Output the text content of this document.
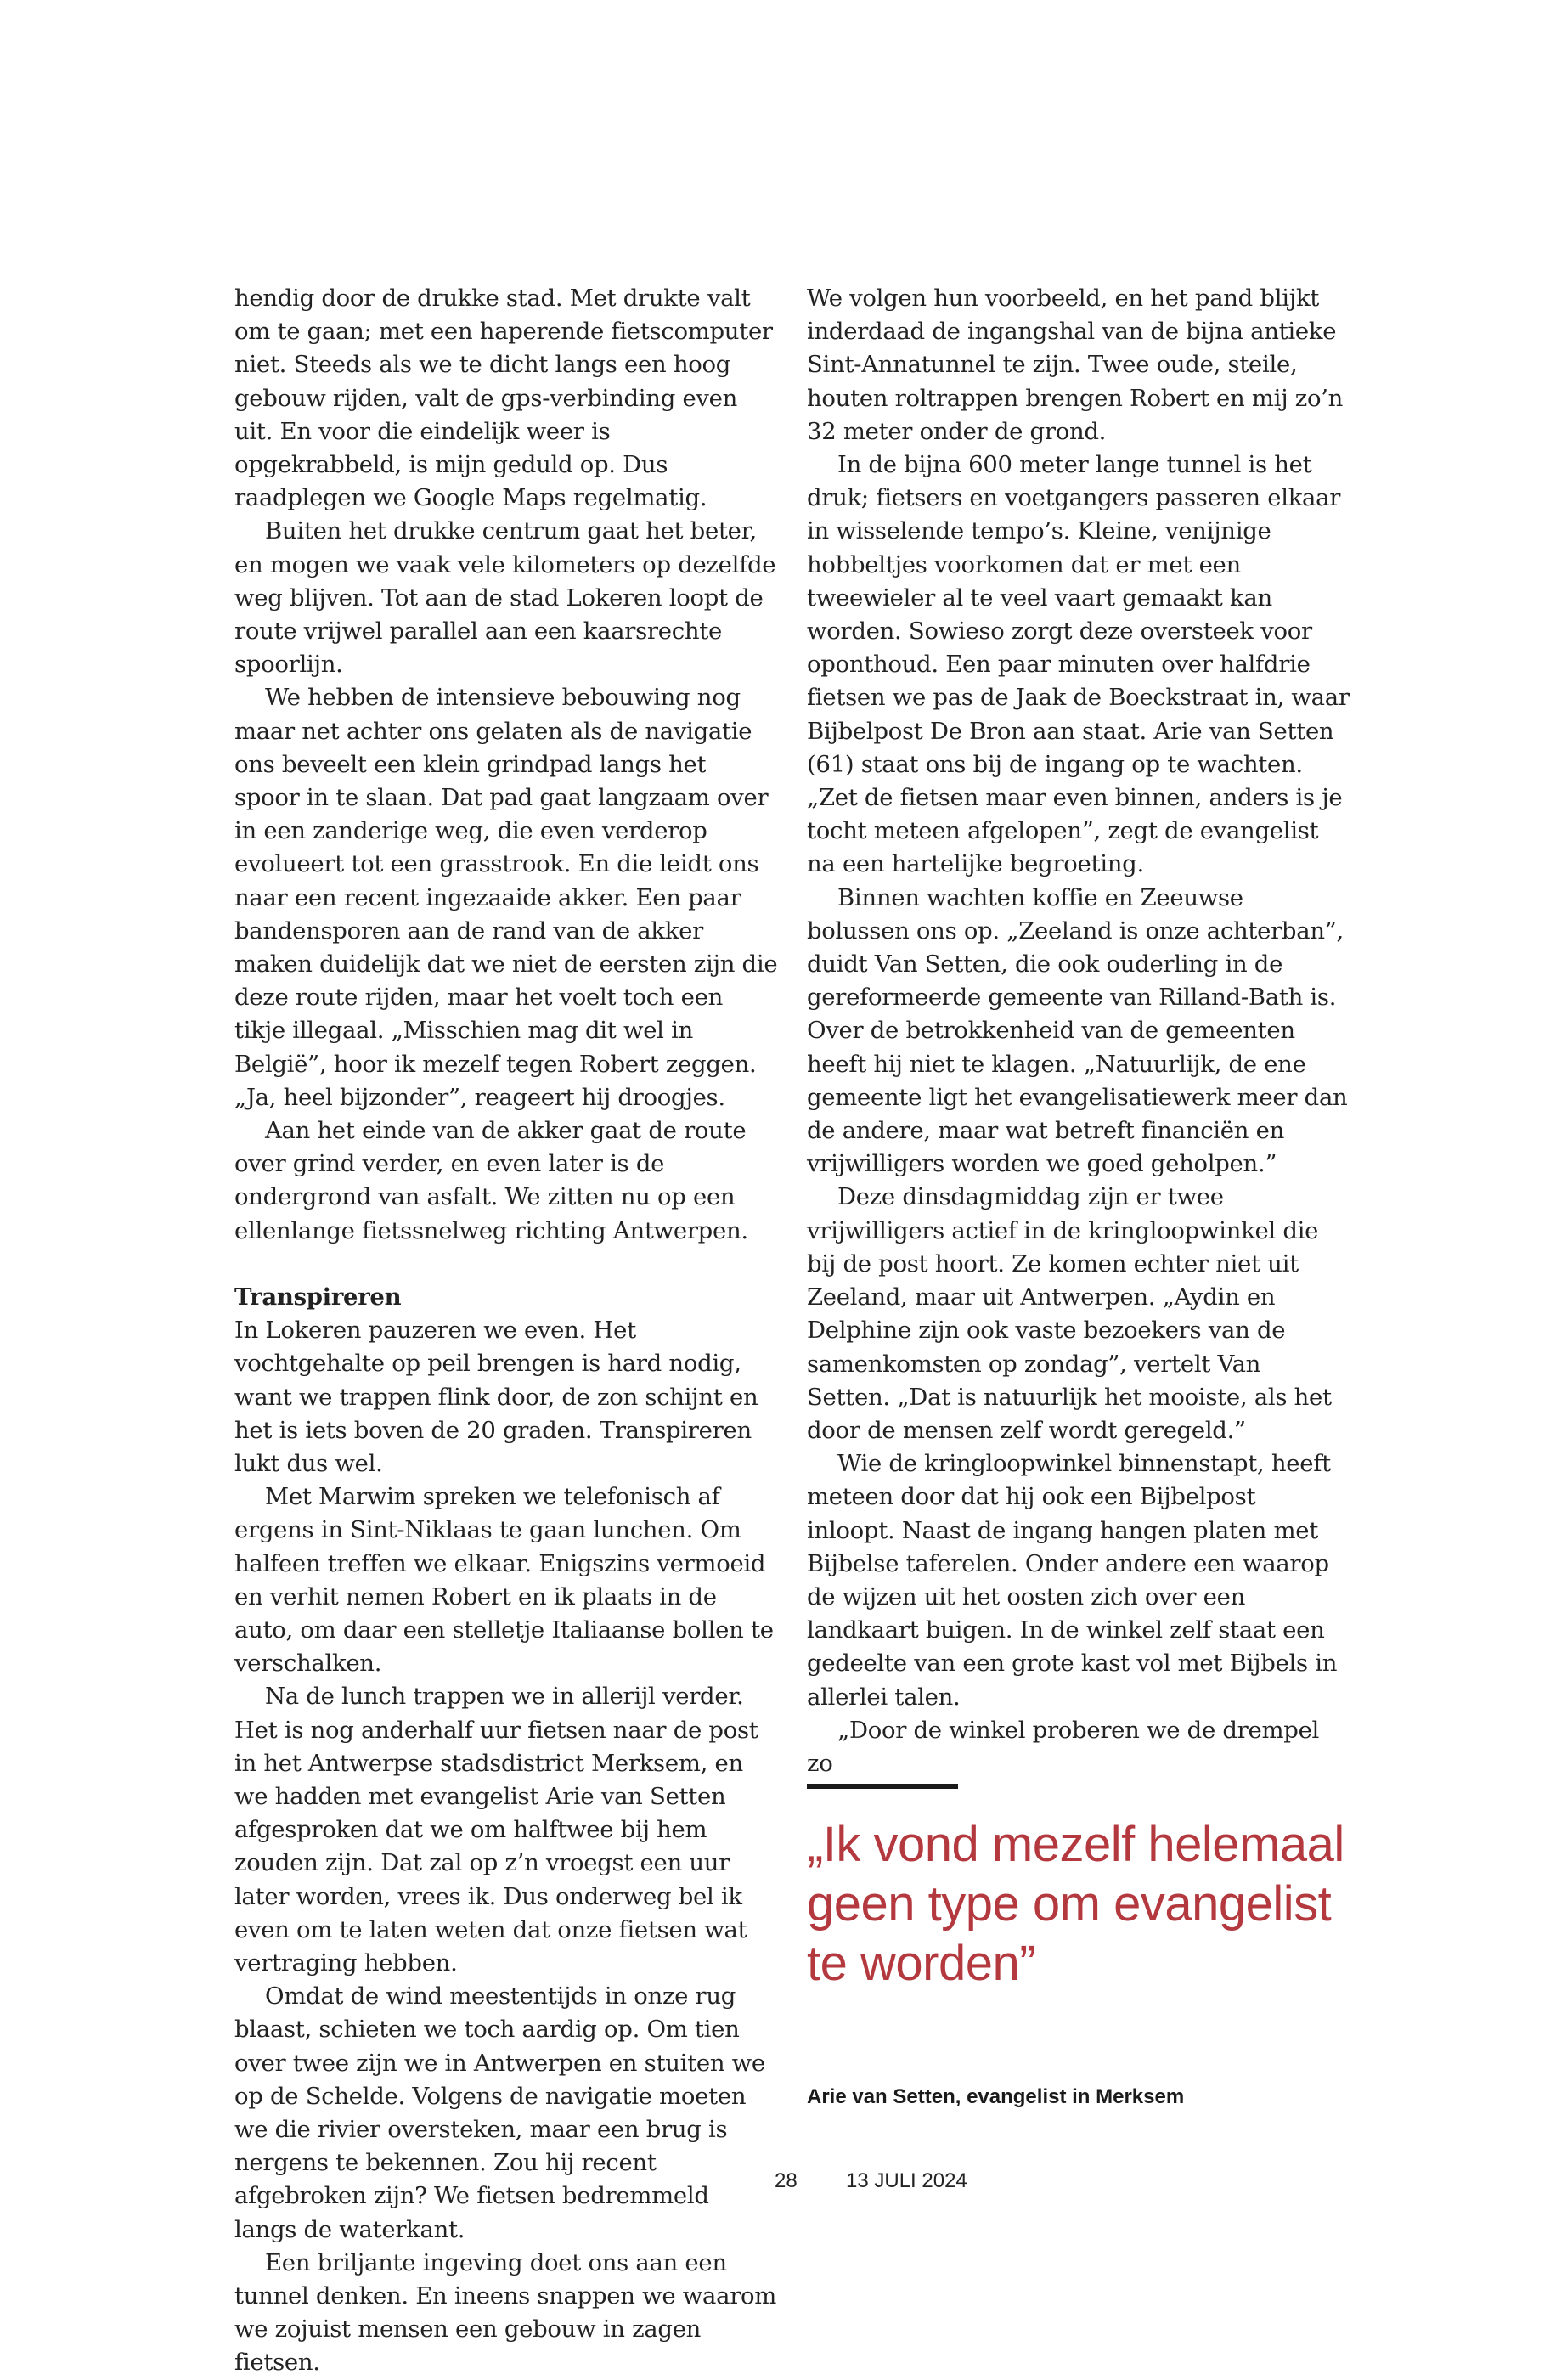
hendig door de drukke stad. Met drukte valt om te gaan; met een haperende fietscomputer niet. Steeds als we te dicht langs een hoog gebouw rijden, valt de gps-verbinding even uit. En voor die eindelijk weer is opgekrabbeld, is mijn geduld op. Dus raadplegen we Google Maps regelmatig.

Buiten het drukke centrum gaat het beter, en mogen we vaak vele kilometers op dezelfde weg blijven. Tot aan de stad Lokeren loopt de route vrijwel parallel aan een kaarsrechte spoorlijn.

We hebben de intensieve bebouwing nog maar net achter ons gelaten als de navigatie ons beveelt een klein grindpad langs het spoor in te slaan. Dat pad gaat langzaam over in een zanderige weg, die even verderop evolueert tot een grasstrook. En die leidt ons naar een recent ingezaaide akker. Een paar bandensporen aan de rand van de akker maken duidelijk dat we niet de eersten zijn die deze route rijden, maar het voelt toch een tikje illegaal. „Misschien mag dit wel in België”, hoor ik mezelf tegen Robert zeggen. „Ja, heel bijzonder”, reageert hij droogjes.

Aan het einde van de akker gaat de route over grind verder, en even later is de ondergrond van asfalt. We zitten nu op een ellenlange fietssnelweg richting Antwerpen.

Transpireren

In Lokeren pauzeren we even. Het vochtgehalte op peil brengen is hard nodig, want we trappen flink door, de zon schijnt en het is iets boven de 20 graden. Transpireren lukt dus wel.

Met Marwim spreken we telefonisch af ergens in Sint-Niklaas te gaan lunchen. Om halfeen treffen we elkaar. Enigszins vermoeid en verhit nemen Robert en ik plaats in de auto, om daar een stelletje Italiaanse bollen te verschalken.

Na de lunch trappen we in allerijl verder. Het is nog anderhalf uur fietsen naar de post in het Antwerpse stadsdistrict Merksem, en we hadden met evangelist Arie van Setten afgesproken dat we om halftwee bij hem zouden zijn. Dat zal op z’n vroegst een uur later worden, vrees ik. Dus onderweg bel ik even om te laten weten dat onze fietsen wat vertraging hebben.

Omdat de wind meestentijds in onze rug blaast, schieten we toch aardig op. Om tien over twee zijn we in Antwerpen en stuiten we op de Schelde. Volgens de navigatie moeten we die rivier oversteken, maar een brug is nergens te bekennen. Zou hij recent afgebroken zijn? We fietsen bedremmeld langs de waterkant.

Een briljante ingeving doet ons aan een tunnel denken. En ineens snappen we waarom we zojuist mensen een gebouw in zagen fietsen.

We volgen hun voorbeeld, en het pand blijkt inderdaad de ingangshal van de bijna antieke Sint-Annatunnel te zijn. Twee oude, steile, houten roltrappen brengen Robert en mij zo’n 32 meter onder de grond.

In de bijna 600 meter lange tunnel is het druk; fietsers en voetgangers passeren elkaar in wisselende tempo’s. Kleine, venijnige hobbeltjes voorkomen dat er met een tweewieler al te veel vaart gemaakt kan worden. Sowieso zorgt deze oversteek voor oponthoud. Een paar minuten over halfdrie fietsen we pas de Jaak de Boeckstraat in, waar Bijbelpost De Bron aan staat. Arie van Setten (61) staat ons bij de ingang op te wachten. „Zet de fietsen maar even binnen, anders is je tocht meteen afgelopen”, zegt de evangelist na een hartelijke begroeting.

Binnen wachten koffie en Zeeuwse bolussen ons op. „Zeeland is onze achterban”, duidt Van Setten, die ook ouderling in de gereformeerde gemeente van Rilland-Bath is. Over de betrokkenheid van de gemeenten heeft hij niet te klagen. „Natuurlijk, de ene gemeente ligt het evangelisatiewerk meer dan de andere, maar wat betreft financiën en vrijwilligers worden we goed geholpen.”

Deze dinsdagmiddag zijn er twee vrijwilligers actief in de kringloopwinkel die bij de post hoort. Ze komen echter niet uit Zeeland, maar uit Antwerpen. „Aydin en Delphine zijn ook vaste bezoekers van de samenkomsten op zondag”, vertelt Van Setten. „Dat is natuurlijk het mooiste, als het door de mensen zelf wordt geregeld.”

Wie de kringloopwinkel binnenstapt, heeft meteen door dat hij ook een Bijbelpost inloopt. Naast de ingang hangen platen met Bijbelse taferelen. Onder andere een waarop de wijzen uit het oosten zich over een landkaart buigen. In de winkel zelf staat een gedeelte van een grote kast vol met Bijbels in allerlei talen.

„Door de winkel proberen we de drempel zo

„Ik vond mezelf helemaal geen type om evangelist te worden”

Arie van Setten, evangelist in Merksem

28 13 JULI 2024
